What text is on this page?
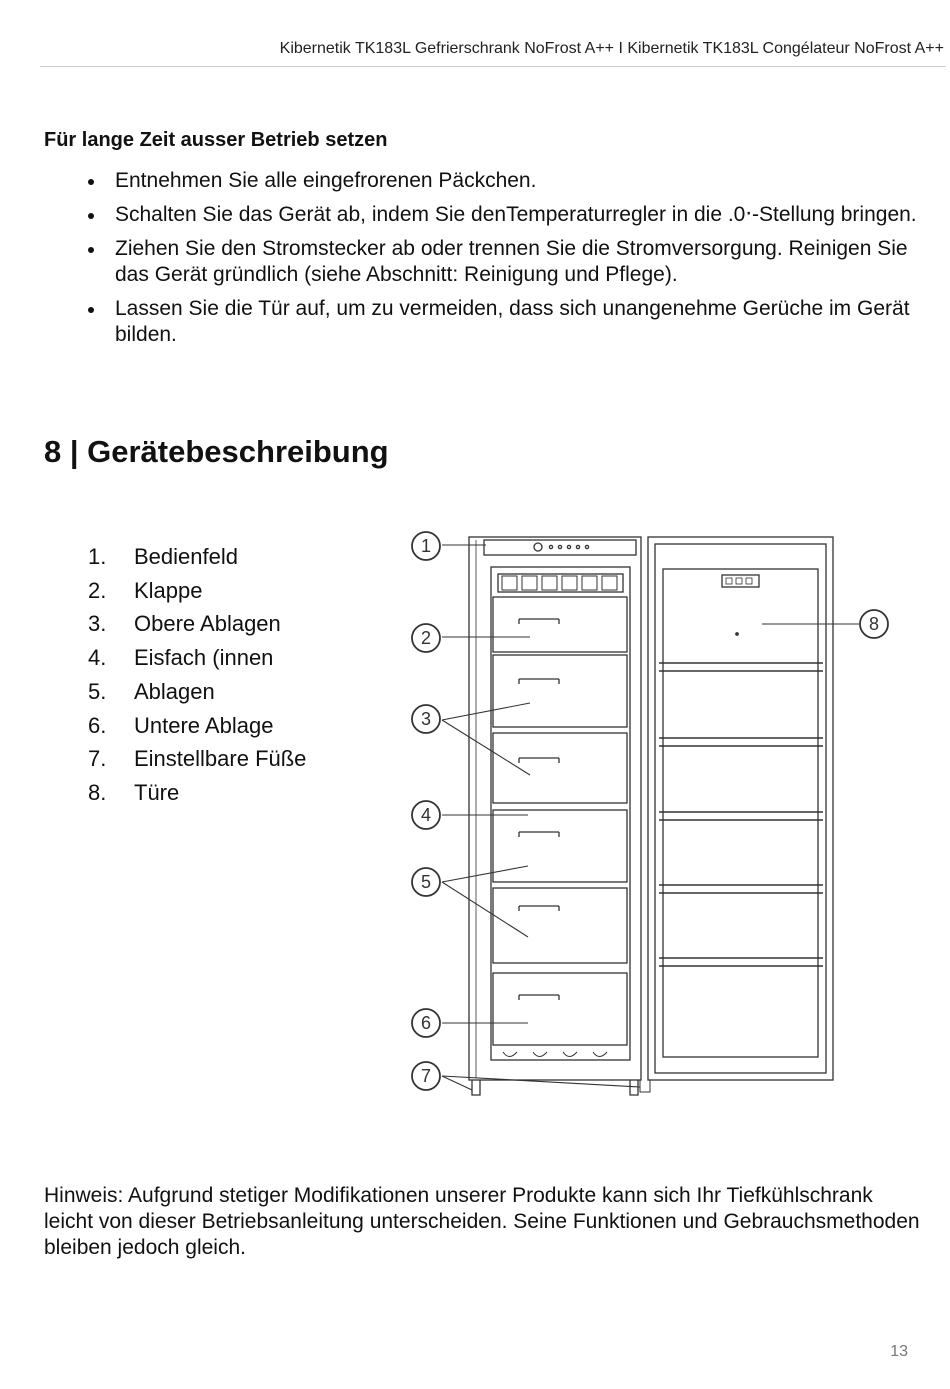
Kibernetik TK183L Gefrierschrank NoFrost A++ I Kibernetik TK183L Congélateur NoFrost A++
Für lange Zeit ausser Betrieb setzen
Entnehmen Sie alle eingefrorenen Päckchen.
Schalten Sie das Gerät ab, indem Sie denTemperaturregler in die .0‧-Stellung bringen.
Ziehen Sie den Stromstecker ab oder trennen Sie die Stromversorgung. Reinigen Sie das Gerät gründlich (siehe Abschnitt: Reinigung und Pflege).
Lassen Sie die Tür auf, um zu vermeiden, dass sich unangenehme Gerüche im Gerät bilden.
8 | Gerätebeschreibung
1. Bedienfeld
2. Klappe
3. Obere Ablagen
4. Eisfach (innen
5. Ablagen
6. Untere Ablage
7. Einstellbare Füße
8. Türe
1
2
3
4
5
6
7
8
Hinweis: Aufgrund stetiger Modifikationen unserer Produkte kann sich Ihr Tiefkühlschrank leicht von dieser Betriebsanleitung unterscheiden. Seine Funktionen und Gebrauchsmethoden bleiben jedoch gleich.
13
